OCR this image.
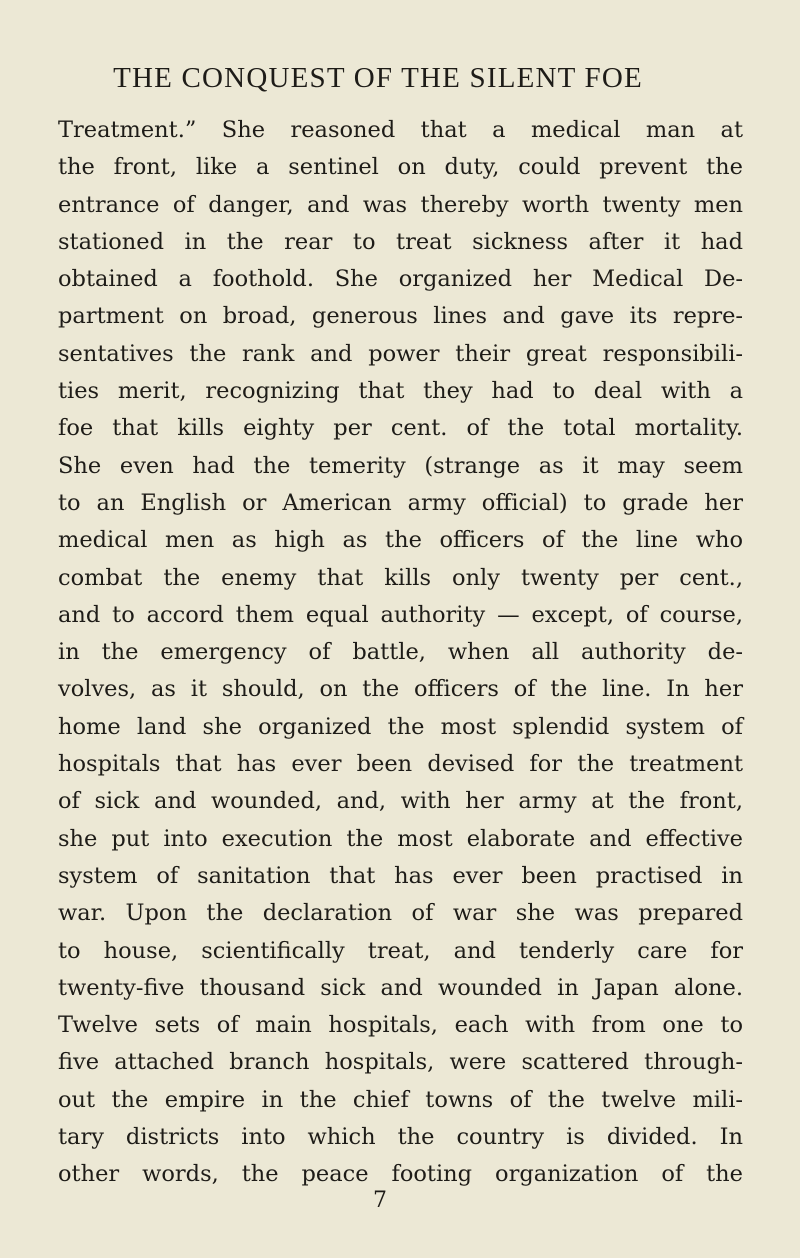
THE CONQUEST OF THE SILENT FOE
Treatment.” She reasoned that a medical man at
the front, like a sentinel on duty, could prevent the
entrance of danger, and was thereby worth twenty men
stationed in the rear to treat sickness after it had
obtained a foothold. She organized her Medical De-
partment on broad, generous lines and gave its repre-
sentatives the rank and power their great responsibili-
ties merit, recognizing that they had to deal with a
foe that kills eighty per cent. of the total mortality.
She even had the temerity (strange as it may seem
to an English or American army official) to grade her
medical men as high as the officers of the line who
combat the enemy that kills only twenty per cent.,
and to accord them equal authority — except, of course,
in the emergency of battle, when all authority de-
volves, as it should, on the officers of the line. In her
home land she organized the most splendid system of
hospitals that has ever been devised for the treatment
of sick and wounded, and, with her army at the front,
she put into execution the most elaborate and effective
system of sanitation that has ever been practised in
war. Upon the declaration of war she was prepared
to house, scientifically treat, and tenderly care for
twenty-five thousand sick and wounded in Japan alone.
Twelve sets of main hospitals, each with from one to
five attached branch hospitals, were scattered through-
out the empire in the chief towns of the twelve mili-
tary districts into which the country is divided. In
other words, the peace footing organization of the
7
